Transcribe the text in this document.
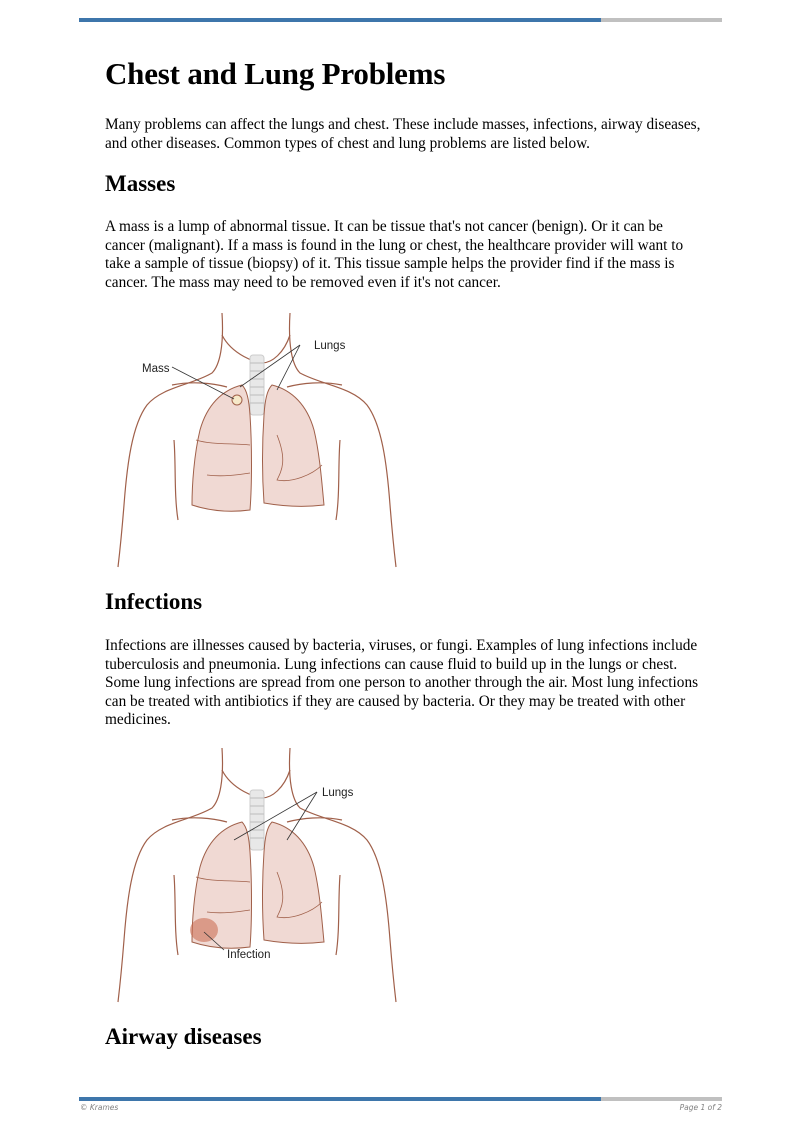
Chest and Lung Problems

Many problems can affect the lungs and chest. These include masses, infections, airway diseases, and other diseases. Common types of chest and lung problems are listed below.

Masses

A mass is a lump of abnormal tissue. It can be tissue that's not cancer (benign). Or it can be cancer (malignant). If a mass is found in the lung or chest, the healthcare provider will want to take a sample of tissue (biopsy) of it. This tissue sample helps the provider find if the mass is cancer. The mass may need to be removed even if it's not cancer.

Mass
Lungs
Infections

Infections are illnesses caused by bacteria, viruses, or fungi. Examples of lung infections include tuberculosis and pneumonia. Lung infections can cause fluid to build up in the lungs or chest. Some lung infections are spread from one person to another through the air. Most lung infections can be treated with antibiotics if they are caused by bacteria. Or they may be treated with other medicines.

Lungs
Infection
Airway diseases
© Krames	Page 1 of 2
